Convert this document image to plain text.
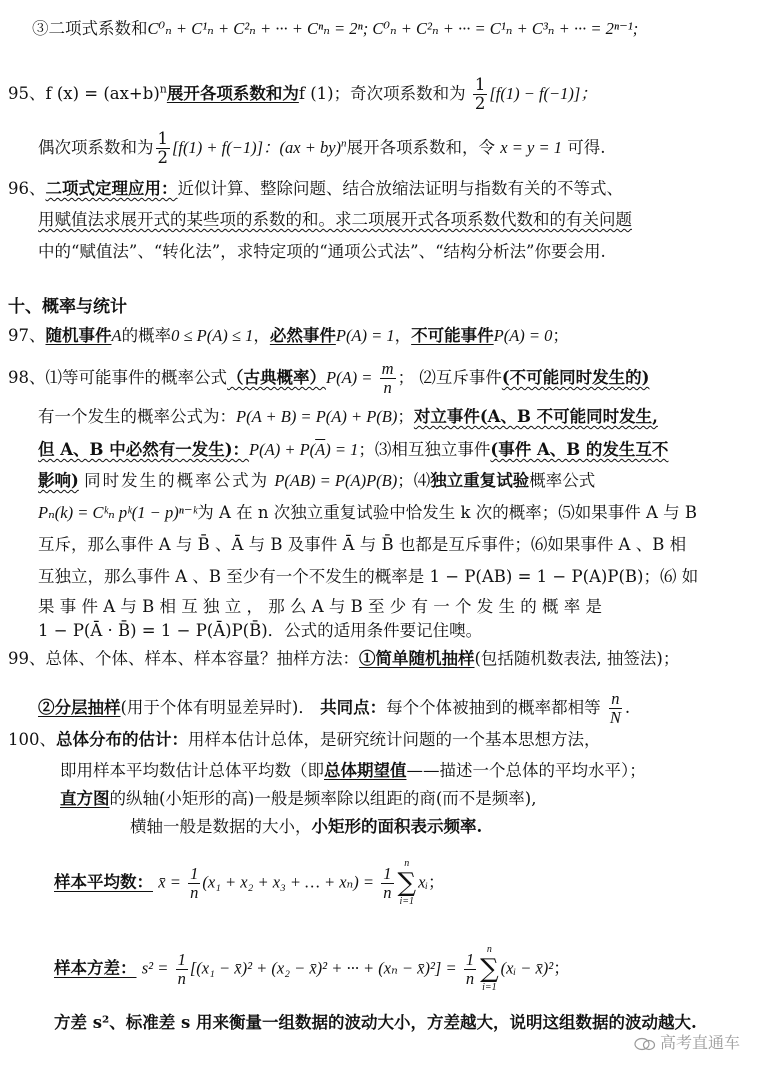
③二项式系数和C⁰ₙ + C¹ₙ + C²ₙ + ··· + Cⁿₙ = 2ⁿ; C⁰ₙ + C²ₙ + ··· = C¹ₙ + C³ₙ + ··· = 2ⁿ⁻¹;
95、f $(x) = (ax+b)^n$展开各项系数和为f (1)；奇次项系数和为 $\frac{1}{2} [f(1) - f(-1)]$；
偶次项系数和为 $\frac{1}{2} [f(1) + f(-1)]$：(ax + by)$^n$展开各项系数和，令 x = y = 1 可得.
96、二项式定理应用：近似计算、整除问题、结合放缩法证明与指数有关的不等式、
用赋值法求展开式的某些项的系数的和。求二项展开式各项系数代数和的有关问题
中的“赋值法”、“转化法”，求特定项的“通项公式法”、“结构分析法”你要会用.
十、概率与统计
97、随机事件A的概率0 ≤ P(A) ≤ 1，必然事件P(A) = 1，不可能事件P(A) = 0；
98、⑴等可能事件的概率公式（古典概率）$P(A) = \frac{m}{n}$ ； ⑵互斥事件(不可能同时发生的)
有一个发生的概率公式为：P(A + B) = P(A) + P(B)；对立事件(A、B 不可能同时发生,
但 A、B 中必然有一发生)：$P(A) + P(\overline{A}) = 1$；⑶相互独立事件(事件 A、B 的发生互不
影响) 同时发生的概率公式为 P(AB) = P(A)P(B)；⑷独立重复试验概率公式
Pₙ(k) = Cᵏₙ pᵏ(1 − p)ⁿ⁻ᵏ为 A 在 n 次独立重复试验中恰发生 k 次的概率；⑸如果事件 A 与 B
互斥，那么事件 A 与 B̄ 、Ā 与 B 及事件 Ā 与 B̄ 也都是互斥事件；⑹如果事件 A 、B 相
互独立，那么事件 A 、B 至少有一个不发生的概率是 1 − P(AB) = 1 − P(A)P(B)；⑹ 如
果 事 件 A 与 B 相 互 独 立 ， 那 么 A 与 B 至 少 有 一 个 发 生 的 概 率 是
1 − P(Ā · B̄) = 1 − P(Ā)P(B̄)．公式的适用条件要记住噢。
99、总体、个体、样本、样本容量？抽样方法：①简单随机抽样(包括随机数表法, 抽签法)；
②分层抽样(用于个体有明显差异时)． 共同点：每个个体被抽到的概率都相等 $\frac{n}{N}$ .
100、总体分布的估计：用样本估计总体，是研究统计问题的一个基本思想方法，
即用样本平均数估计总体平均数（即总体期望值——描述一个总体的平均水平）；
直方图的纵轴(小矩形的高)一般是频率除以组距的商(而不是频率),
横轴一般是数据的大小，小矩形的面积表示频率.
样本平均数： x̄ = $\frac{1}{n} (x_1 + x_2 + x_3$ + … + $x_n) = \frac{1}{n}$
n
∑
i=1
xᵢ；
样本方差： $s^2 = \frac{1}{n} [(x_1$ − x̄)² + (x₂ − x̄)² + ··· + (xₙ − x̄)²] = $\frac{1}{n}$
n
∑
i=1
(xᵢ − x̄)²；
方差 s²、标准差 s 用来衡量一组数据的波动大小，方差越大，说明这组数据的波动越大.
高考直通车
